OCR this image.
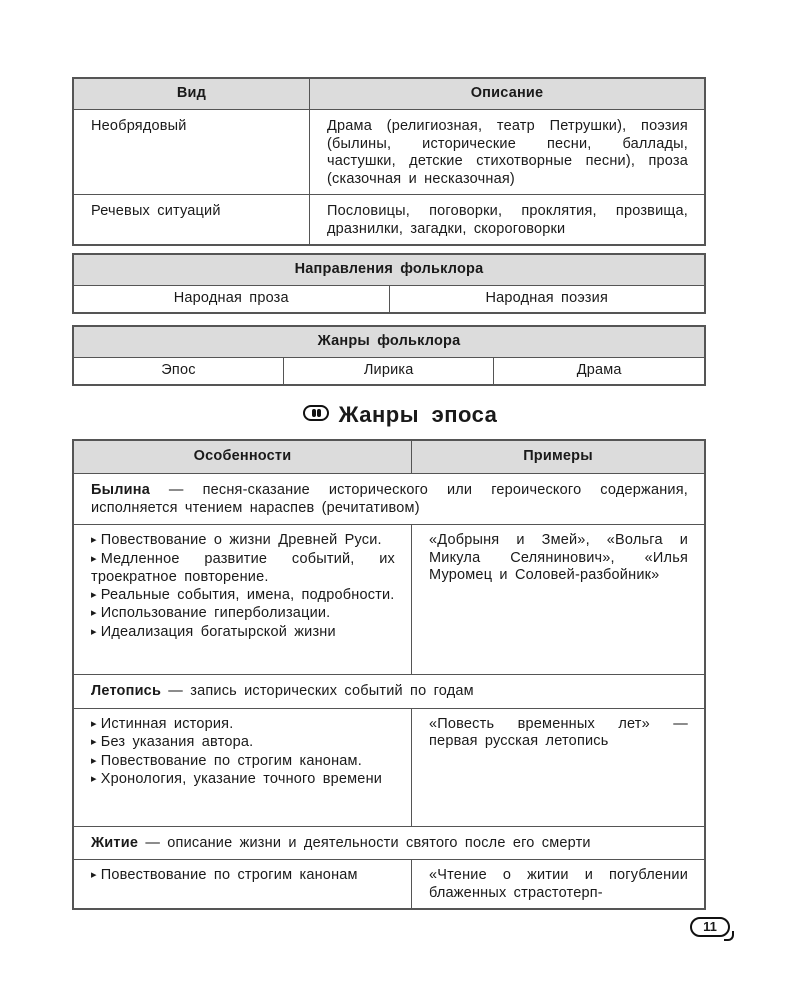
Вид	Описание
Необрядовый	Драма (религиозная, театр Петрушки), поэзия (былины, исторические песни, баллады, частушки, детские стихотворные песни), проза (сказочная и несказочная)
Речевых ситуаций	Пословицы, поговорки, проклятия, прозвища, дразнилки, загадки, скороговорки
Направления фольклора
Народная проза	Народная поэзия
Жанры фольклора
Эпос	Лирика	Драма
Жанры эпоса
Особенности	Примеры
Былина — песня-сказание исторического или героического содержания, исполняется чтением нараспев (речитативом)	

▸ Повествование о жизни Древней Руси.
▸ Медленное развитие событий, их троекратное повторение.
▸ Реальные события, имена, подробности.
▸ Использование гиперболизации.
▸ Идеализация богатырской жизни	«Добрыня и Змей», «Вольга и Микула Селянинович», «Илья Муромец и Соловей-разбойник»
Летопись — запись исторических событий по годам	

▸ Истинная история.
▸ Без указания автора.
▸ Повествование по строгим канонам.
▸ Хронология, указание точного времени	«Повесть временных лет» — первая русская летопись
Житие — описание жизни и деятельности святого после его смерти	

▸ Повествование по строгим канонам	«Чтение о житии и погублении блаженных страстотерп-
11
